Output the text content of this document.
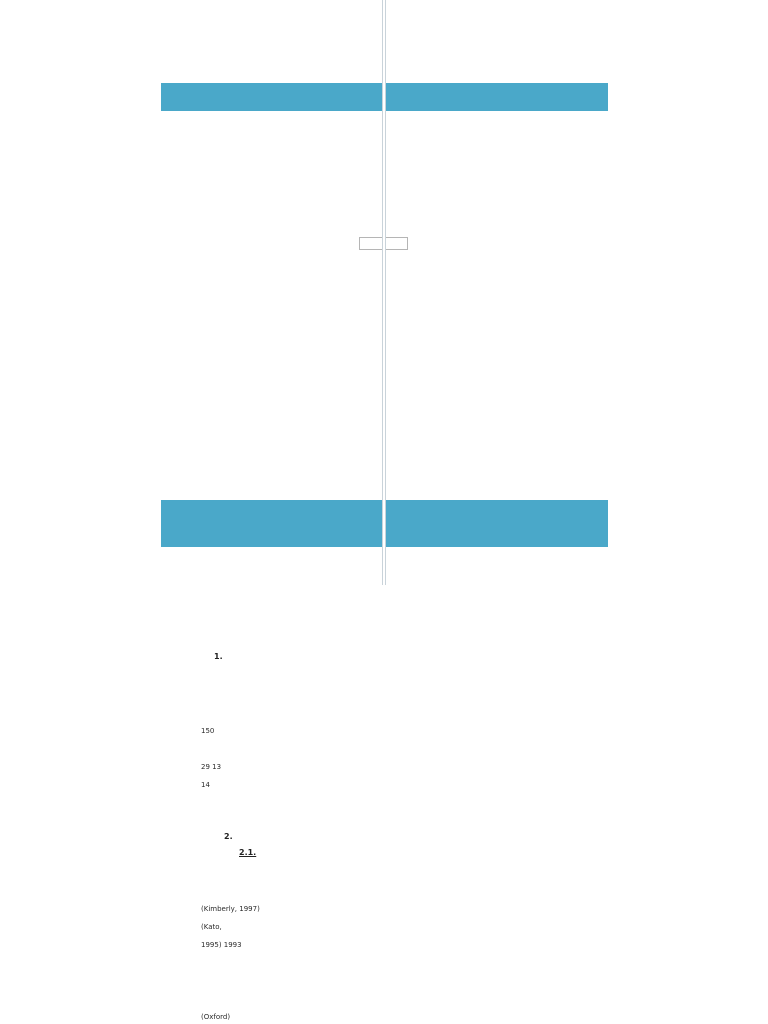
1.
150
29 13
14
2.
2.1.
(Kimberly, 1997)
(Kato,
1995) 1993
(Oxford)
